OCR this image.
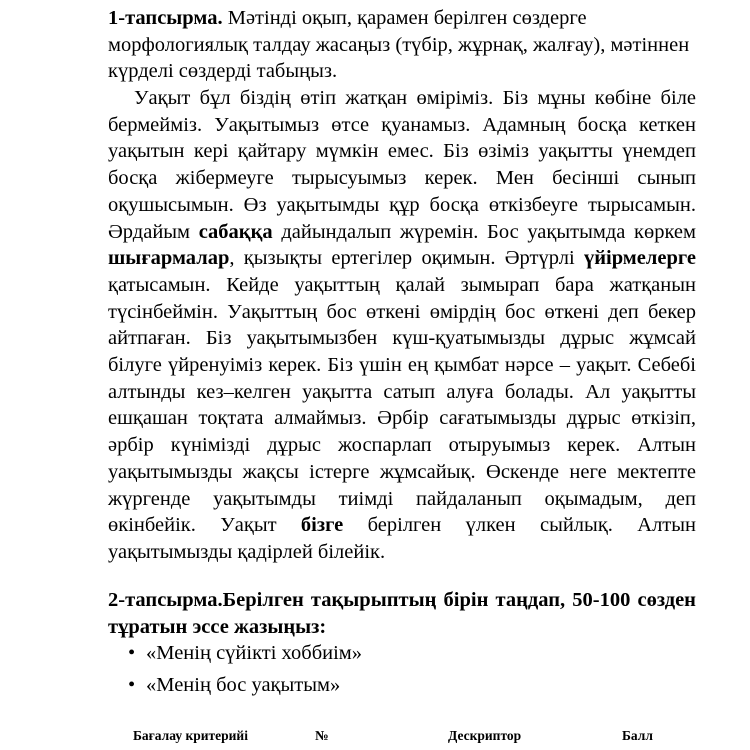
1-тапсырма. Мәтінді оқып, қарамен берілген сөздерге морфологиялық талдау жасаңыз (түбір, жұрнақ, жалғау), мәтіннен күрделі сөздерді табыңыз.
Уақыт бұл біздің өтіп жатқан өміріміз. Біз мұны көбіне біле бермейміз. Уақытымыз өтсе қуанамыз. Адамның босқа кеткен уақытын кері қайтару мүмкін емес. Біз өзіміз уақытты үнемдеп босқа жібермеуге тырысуымыз керек. Мен бесінші сынып оқушысымын. Өз уақытымды құр босқа өткізбеуге тырысамын. Әрдайым сабаққа дайындалып жүремін. Бос уақытымда көркем шығармалар, қызықты ертегілер оқимын. Әртүрлі үйірмелерге қатысамын. Кейде уақыттың қалай зымырап бара жатқанын түсінбеймін. Уақыттың бос өткені өмірдің бос өткені деп бекер айтпаған. Біз уақытымызбен күш-қуатымызды дұрыс жұмсай білуге үйренуіміз керек. Біз үшін ең қымбат нәрсе – уақыт. Себебі алтынды кез–келген уақытта сатып алуға болады. Ал уақытты ешқашан тоқтата алмаймыз. Әрбір сағатымызды дұрыс өткізіп, әрбір күнімізді дұрыс жоспарлап отыруымыз керек. Алтын уақытымызды жақсы істерге жұмсайық. Өскенде неге мектепте жүргенде уақытымды тиімді пайдаланып оқымадым, деп өкінбейік. Уақыт бізге берілген үлкен сыйлық. Алтын уақытымызды қадірлей білейік.
2-тапсырма.Берілген тақырыптың бірін таңдап, 50-100 сөзден тұратын эссе жазыңыз:
• «Менің сүйікті хоббиім»
• «Менің бос уақытым»
Бағалау критерийі	№	Дескриптор	Балл
